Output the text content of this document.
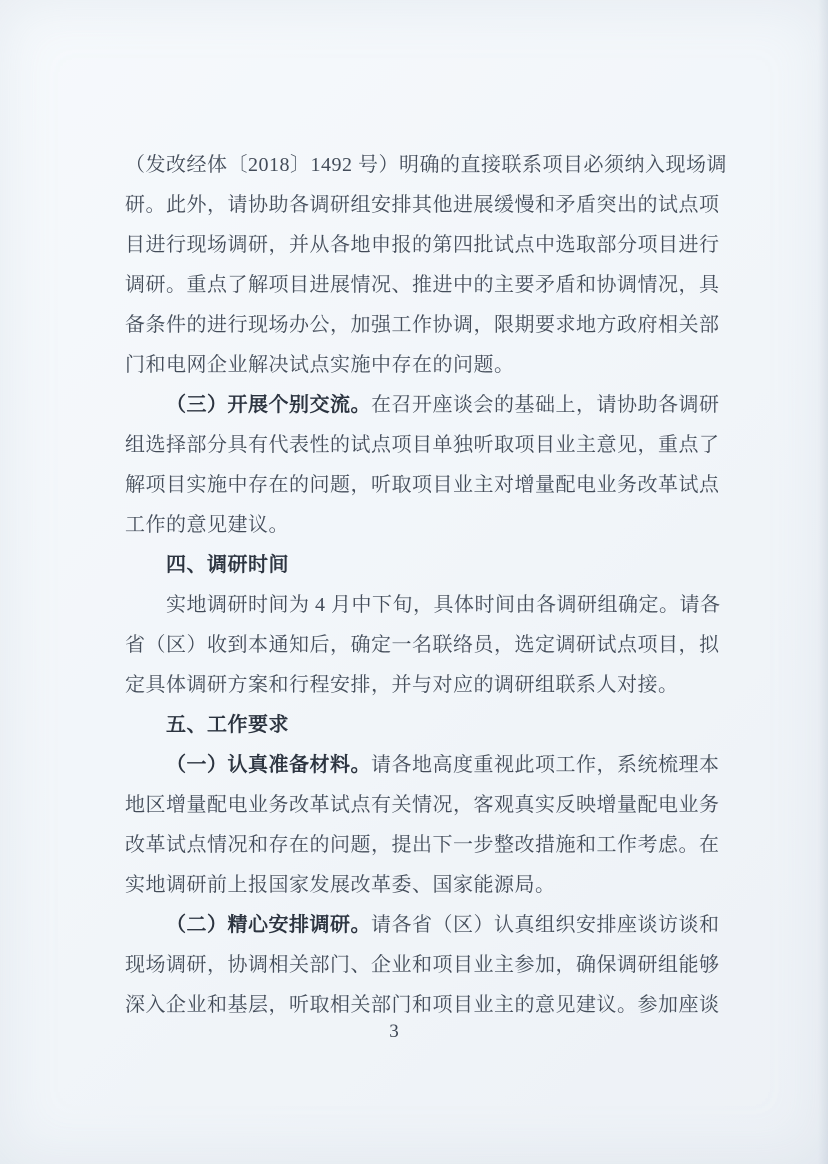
（发改经体〔2018〕1492 号）明确的直接联系项目必须纳入现场调
研。此外，请协助各调研组安排其他进展缓慢和矛盾突出的试点项
目进行现场调研，并从各地申报的第四批试点中选取部分项目进行
调研。重点了解项目进展情况、推进中的主要矛盾和协调情况，具
备条件的进行现场办公，加强工作协调，限期要求地方政府相关部
门和电网企业解决试点实施中存在的问题。
（三）开展个别交流。在召开座谈会的基础上，请协助各调研
组选择部分具有代表性的试点项目单独听取项目业主意见，重点了
解项目实施中存在的问题，听取项目业主对增量配电业务改革试点
工作的意见建议。
四、调研时间
实地调研时间为 4 月中下旬，具体时间由各调研组确定。请各
省（区）收到本通知后，确定一名联络员，选定调研试点项目，拟
定具体调研方案和行程安排，并与对应的调研组联系人对接。
五、工作要求
（一）认真准备材料。请各地高度重视此项工作，系统梳理本
地区增量配电业务改革试点有关情况，客观真实反映增量配电业务
改革试点情况和存在的问题，提出下一步整改措施和工作考虑。在
实地调研前上报国家发展改革委、国家能源局。
（二）精心安排调研。请各省（区）认真组织安排座谈访谈和
现场调研，协调相关部门、企业和项目业主参加，确保调研组能够
深入企业和基层，听取相关部门和项目业主的意见建议。参加座谈
3
